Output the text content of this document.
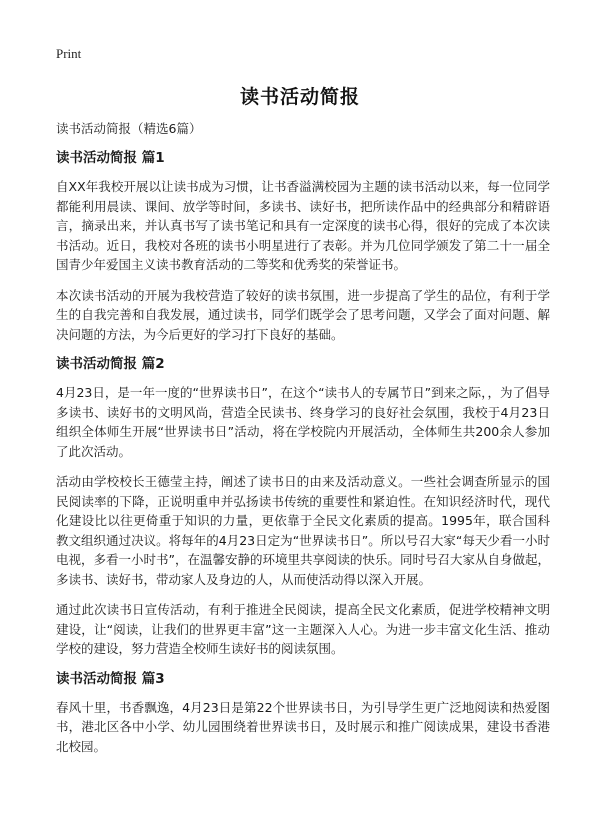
Print
读书活动简报

读书活动简报（精选6篇）

读书活动简报 篇1

自XX年我校开展以让读书成为习惯，让书香溢满校园为主题的读书活动以来，每一位同学都能利用晨读、课间、放学等时间，多读书、读好书，把所读作品中的经典部分和精辟语言，摘录出来，并认真书写了读书笔记和具有一定深度的读书心得，很好的完成了本次读书活动。近日，我校对各班的读书小明星进行了表彰。并为几位同学颁发了第二十一届全国青少年爱国主义读书教育活动的二等奖和优秀奖的荣誉证书。

本次读书活动的开展为我校营造了较好的读书氛围，进一步提高了学生的品位，有利于学生的自我完善和自我发展，通过读书，同学们既学会了思考问题，又学会了面对问题、解决问题的方法，为今后更好的学习打下良好的基础。

读书活动简报 篇2

4月23日，是一年一度的“世界读书日”，在这个“读书人的专属节日”到来之际，，为了倡导多读书、读好书的文明风尚，营造全民读书、终身学习的良好社会氛围，我校于4月23日组织全体师生开展“世界读书日”活动，将在学校院内开展活动，全体师生共200余人参加了此次活动。

活动由学校校长王德莹主持，阐述了读书日的由来及活动意义。一些社会调查所显示的国民阅读率的下降，正说明重申并弘扬读书传统的重要性和紧迫性。在知识经济时代，现代化建设比以往更倚重于知识的力量，更依靠于全民文化素质的提高。1995年，联合国科教文组织通过决议。将每年的4月23日定为“世界读书日”。所以号召大家“每天少看一小时电视，多看一小时书”，在温馨安静的环境里共享阅读的快乐。同时号召大家从自身做起，多读书、读好书，带动家人及身边的人，从而使活动得以深入开展。

通过此次读书日宣传活动，有利于推进全民阅读，提高全民文化素质，促进学校精神文明建设，让“阅读，让我们的世界更丰富”这一主题深入人心。为进一步丰富文化生活、推动学校的建设，努力营造全校师生读好书的阅读氛围。

读书活动简报 篇3

春风十里，书香飘逸，4月23日是第22个世界读书日，为引导学生更广泛地阅读和热爱图书，港北区各中小学、幼儿园围绕着世界读书日，及时展示和推广阅读成果，建设书香港北校园。
